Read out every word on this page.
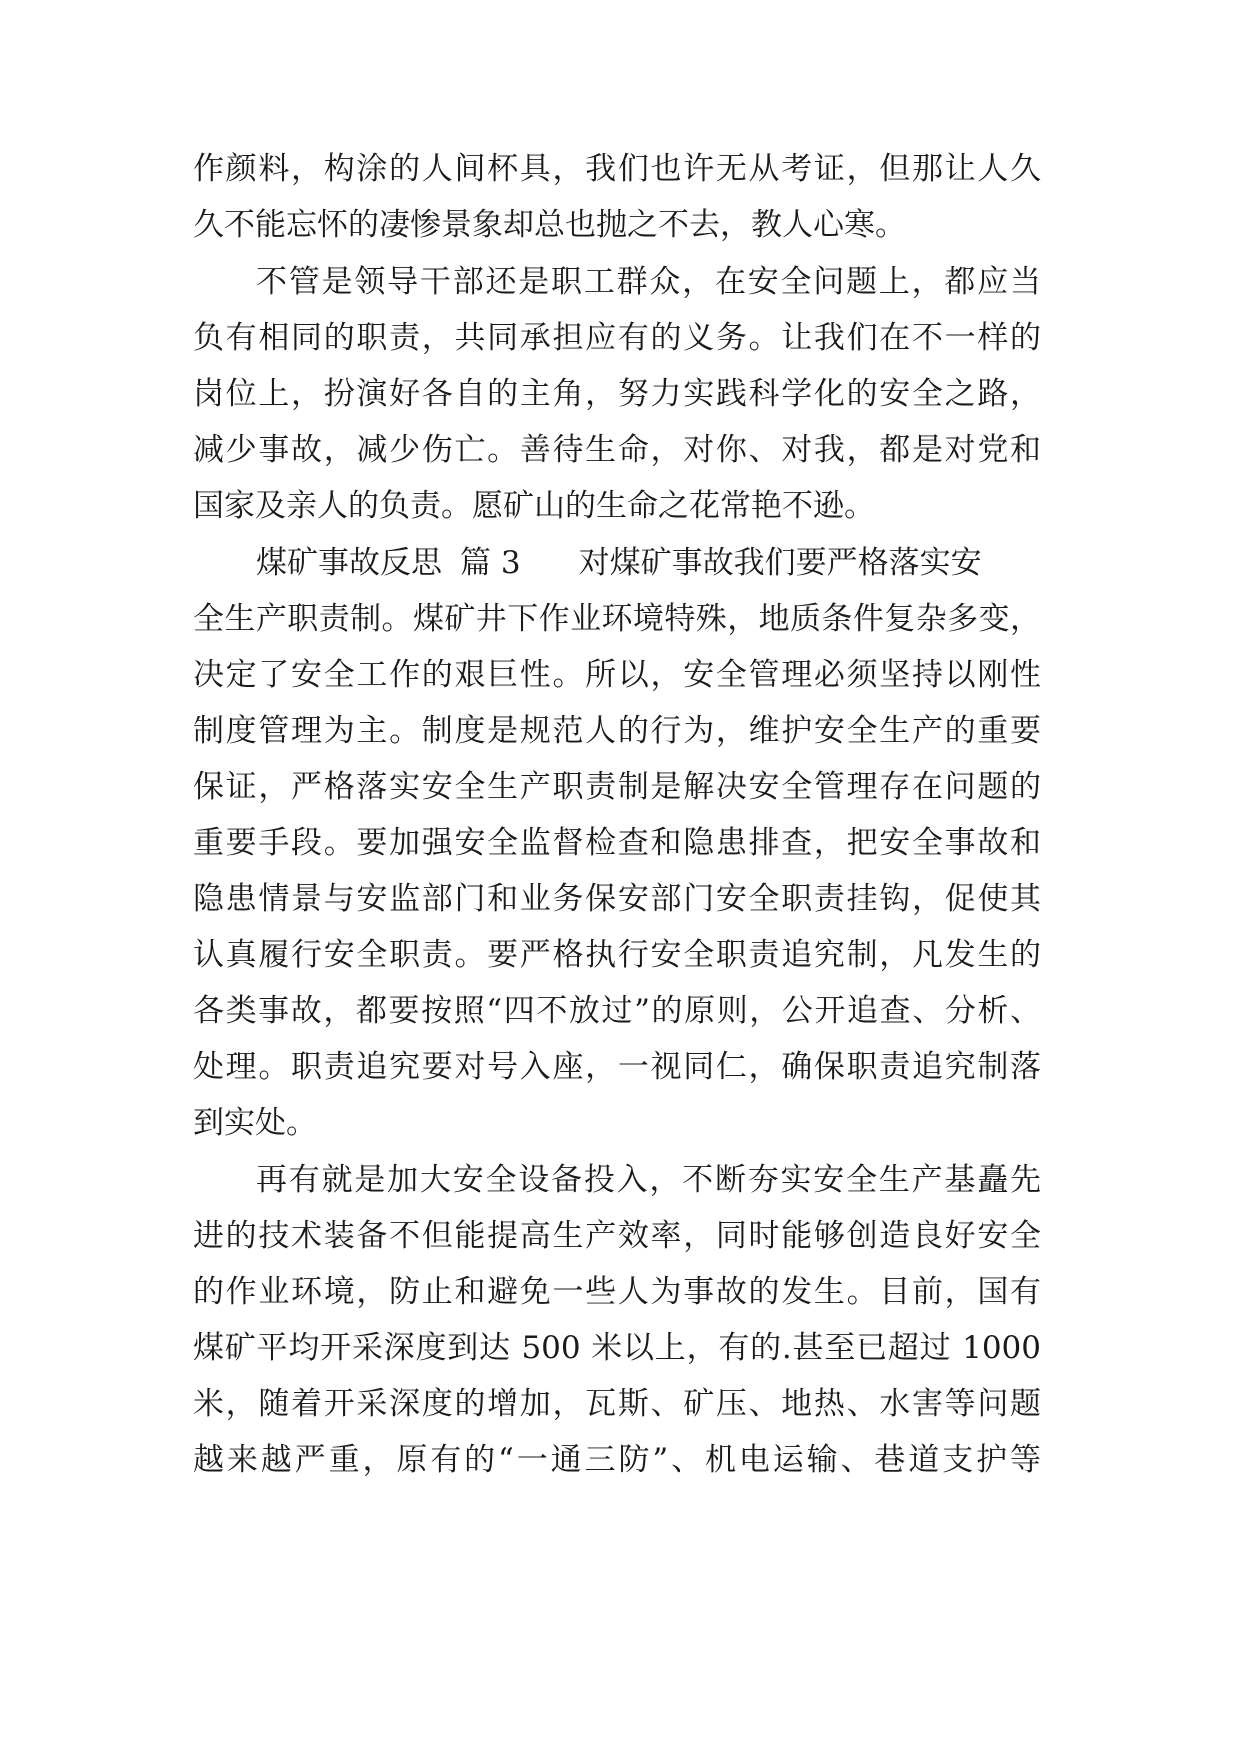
作颜料，构涂的人间杯具，我们也许无从考证，但那让人久
久不能忘怀的凄惨景象却总也抛之不去，教人心寒。
不管是领导干部还是职工群众，在安全问题上，都应当
负有相同的职责，共同承担应有的义务。让我们在不一样的
岗位上，扮演好各自的主角，努力实践科学化的安全之路，
减少事故，减少伤亡。善待生命，对你、对我，都是对党和
国家及亲人的负责。愿矿山的生命之花常艳不逊。
煤矿事故反思 篇 3 对煤矿事故我们要严格落实安
全生产职责制。煤矿井下作业环境特殊，地质条件复杂多变，
决定了安全工作的艰巨性。所以，安全管理必须坚持以刚性
制度管理为主。制度是规范人的行为，维护安全生产的重要
保证，严格落实安全生产职责制是解决安全管理存在问题的
重要手段。要加强安全监督检查和隐患排查，把安全事故和
隐患情景与安监部门和业务保安部门安全职责挂钩，促使其
认真履行安全职责。要严格执行安全职责追究制，凡发生的
各类事故，都要按照“四不放过”的原则，公开追查、分析、
处理。职责追究要对号入座，一视同仁，确保职责追究制落
到实处。
再有就是加大安全设备投入，不断夯实安全生产基矗先
进的技术装备不但能提高生产效率，同时能够创造良好安全
的作业环境，防止和避免一些人为事故的发生。目前，国有
煤矿平均开采深度到达 500 米以上，有的.甚至已超过 1000
米，随着开采深度的增加，瓦斯、矿压、地热、水害等问题
越来越严重，原有的“一通三防”、机电运输、巷道支护等
